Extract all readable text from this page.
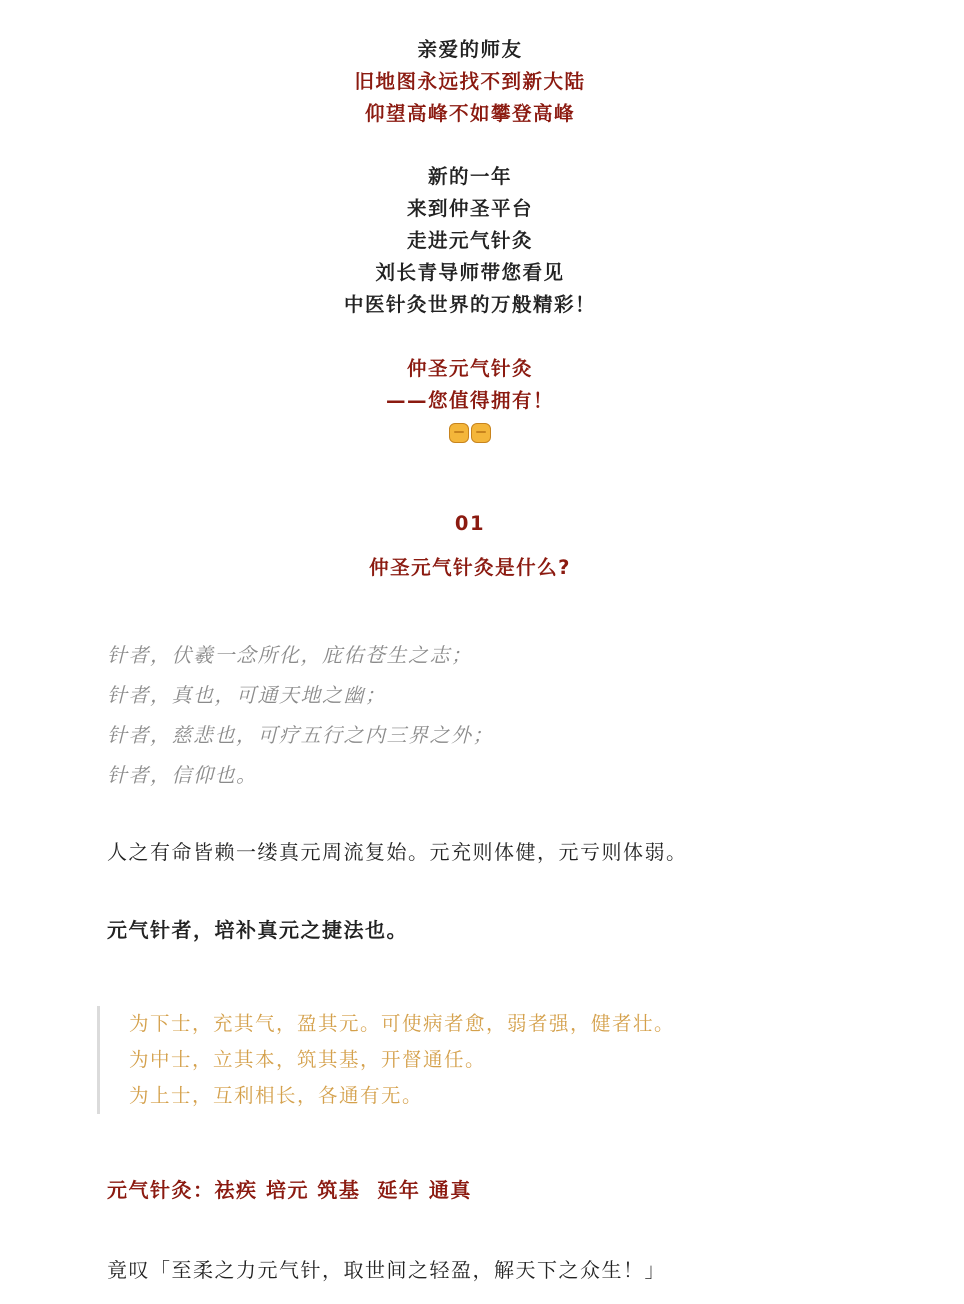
亲爱的师友
旧地图永远找不到新大陆
仰望高峰不如攀登高峰
新的一年
来到仲圣平台
走进元气针灸
刘长青导师带您看见
中医针灸世界的万般精彩！
仲圣元气针灸
——您值得拥有！
01
仲圣元气针灸是什么?
针者，伏羲一念所化，庇佑苍生之志；
针者，真也，可通天地之幽；
针者，慈悲也，可疗五行之内三界之外；
针者，信仰也。
人之有命皆赖一缕真元周流复始。元充则体健，元亏则体弱。
元气针者，培补真元之捷法也。
为下士，充其气，盈其元。可使病者愈，弱者强，健者壮。
为中士，立其本，筑其基，开督通任。
为上士，互利相长，各通有无。
元气针灸：祛疾 培元 筑基  延年 通真
竟叹「至柔之力元气针，取世间之轻盈，解天下之众生！」
